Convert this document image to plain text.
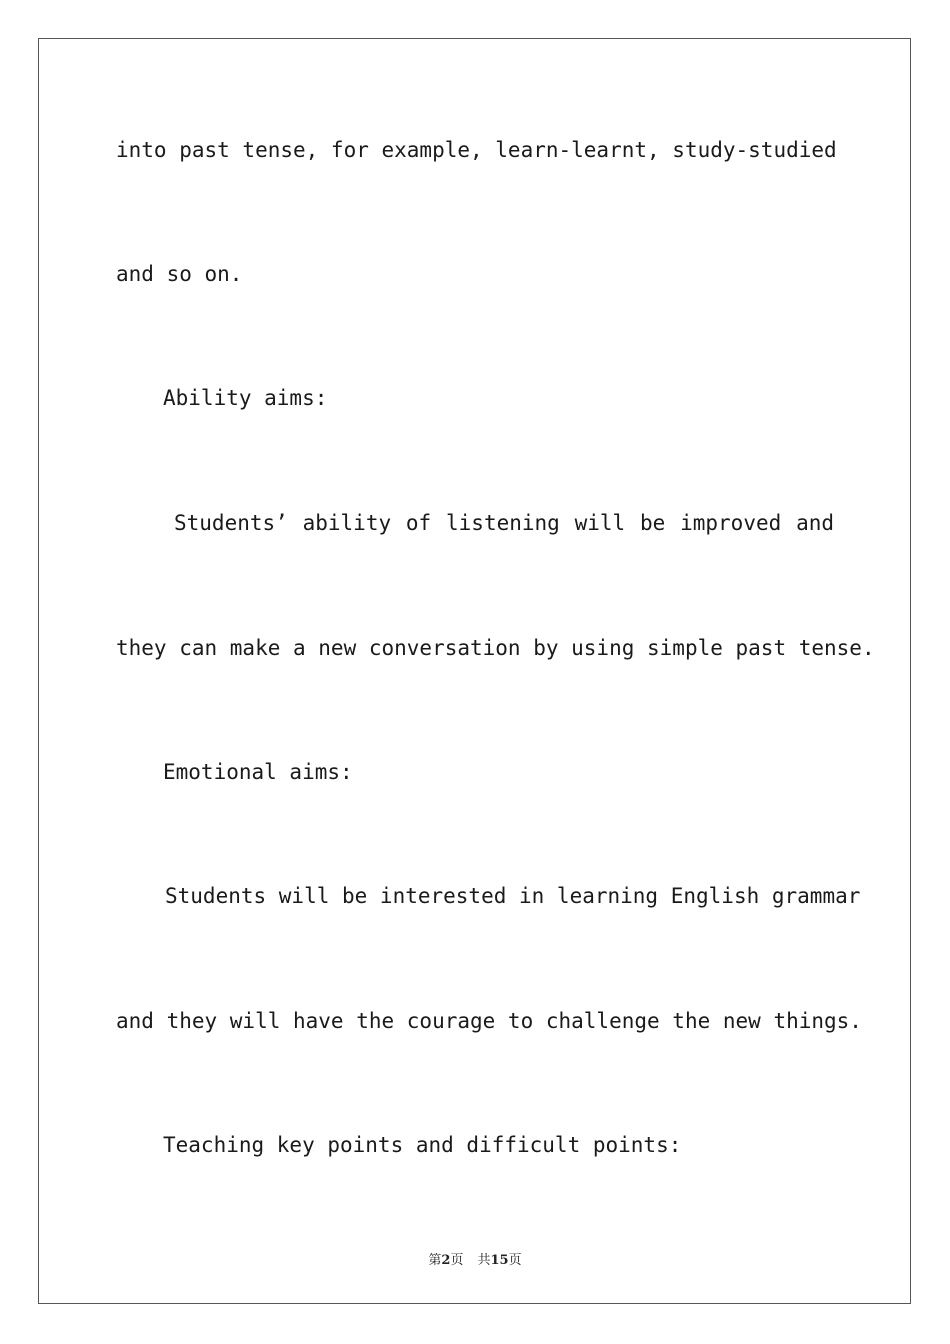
into past tense, for example, learn-learnt, study-studied
and so on.
Ability aims:
Students’ ability of listening will be improved and
they can make a new conversation by using simple past tense.
Emotional aims:
Students will be interested in learning English grammar
and they will have the courage to challenge the new things.
Teaching key points and difficult points:
第2页 共15页
